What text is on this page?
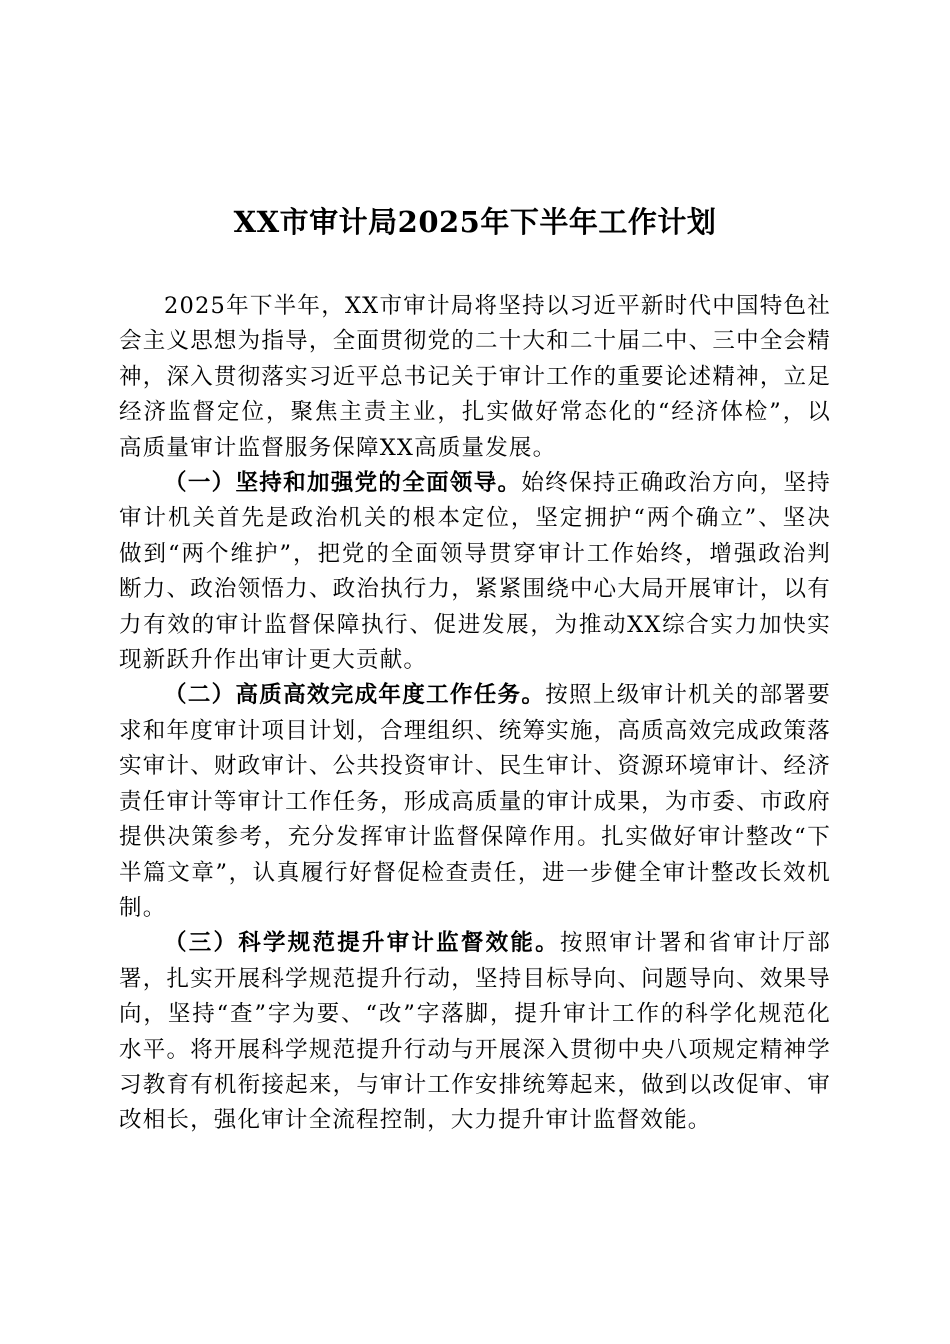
XX市审计局2025年下半年工作计划

2025年下半年，XX市审计局将坚持以习近平新时代中国特色社会主义思想为指导，全面贯彻党的二十大和二十届二中、三中全会精神，深入贯彻落实习近平总书记关于审计工作的重要论述精神，立足经济监督定位，聚焦主责主业，扎实做好常态化的“经济体检”，以高质量审计监督服务保障XX高质量发展。

（一）坚持和加强党的全面领导。始终保持正确政治方向，坚持审计机关首先是政治机关的根本定位，坚定拥护“两个确立”、坚决做到“两个维护”，把党的全面领导贯穿审计工作始终，增强政治判断力、政治领悟力、政治执行力，紧紧围绕中心大局开展审计，以有力有效的审计监督保障执行、促进发展，为推动XX综合实力加快实现新跃升作出审计更大贡献。

（二）高质高效完成年度工作任务。按照上级审计机关的部署要求和年度审计项目计划，合理组织、统筹实施，高质高效完成政策落实审计、财政审计、公共投资审计、民生审计、资源环境审计、经济责任审计等审计工作任务，形成高质量的审计成果，为市委、市政府提供决策参考，充分发挥审计监督保障作用。扎实做好审计整改“下半篇文章”，认真履行好督促检查责任，进一步健全审计整改长效机制。

（三）科学规范提升审计监督效能。按照审计署和省审计厅部署，扎实开展科学规范提升行动，坚持目标导向、问题导向、效果导向，坚持“查”字为要、“改”字落脚，提升审计工作的科学化规范化水平。将开展科学规范提升行动与开展深入贯彻中央八项规定精神学习教育有机衔接起来，与审计工作安排统筹起来，做到以改促审、审改相长，强化审计全流程控制，大力提升审计监督效能。
